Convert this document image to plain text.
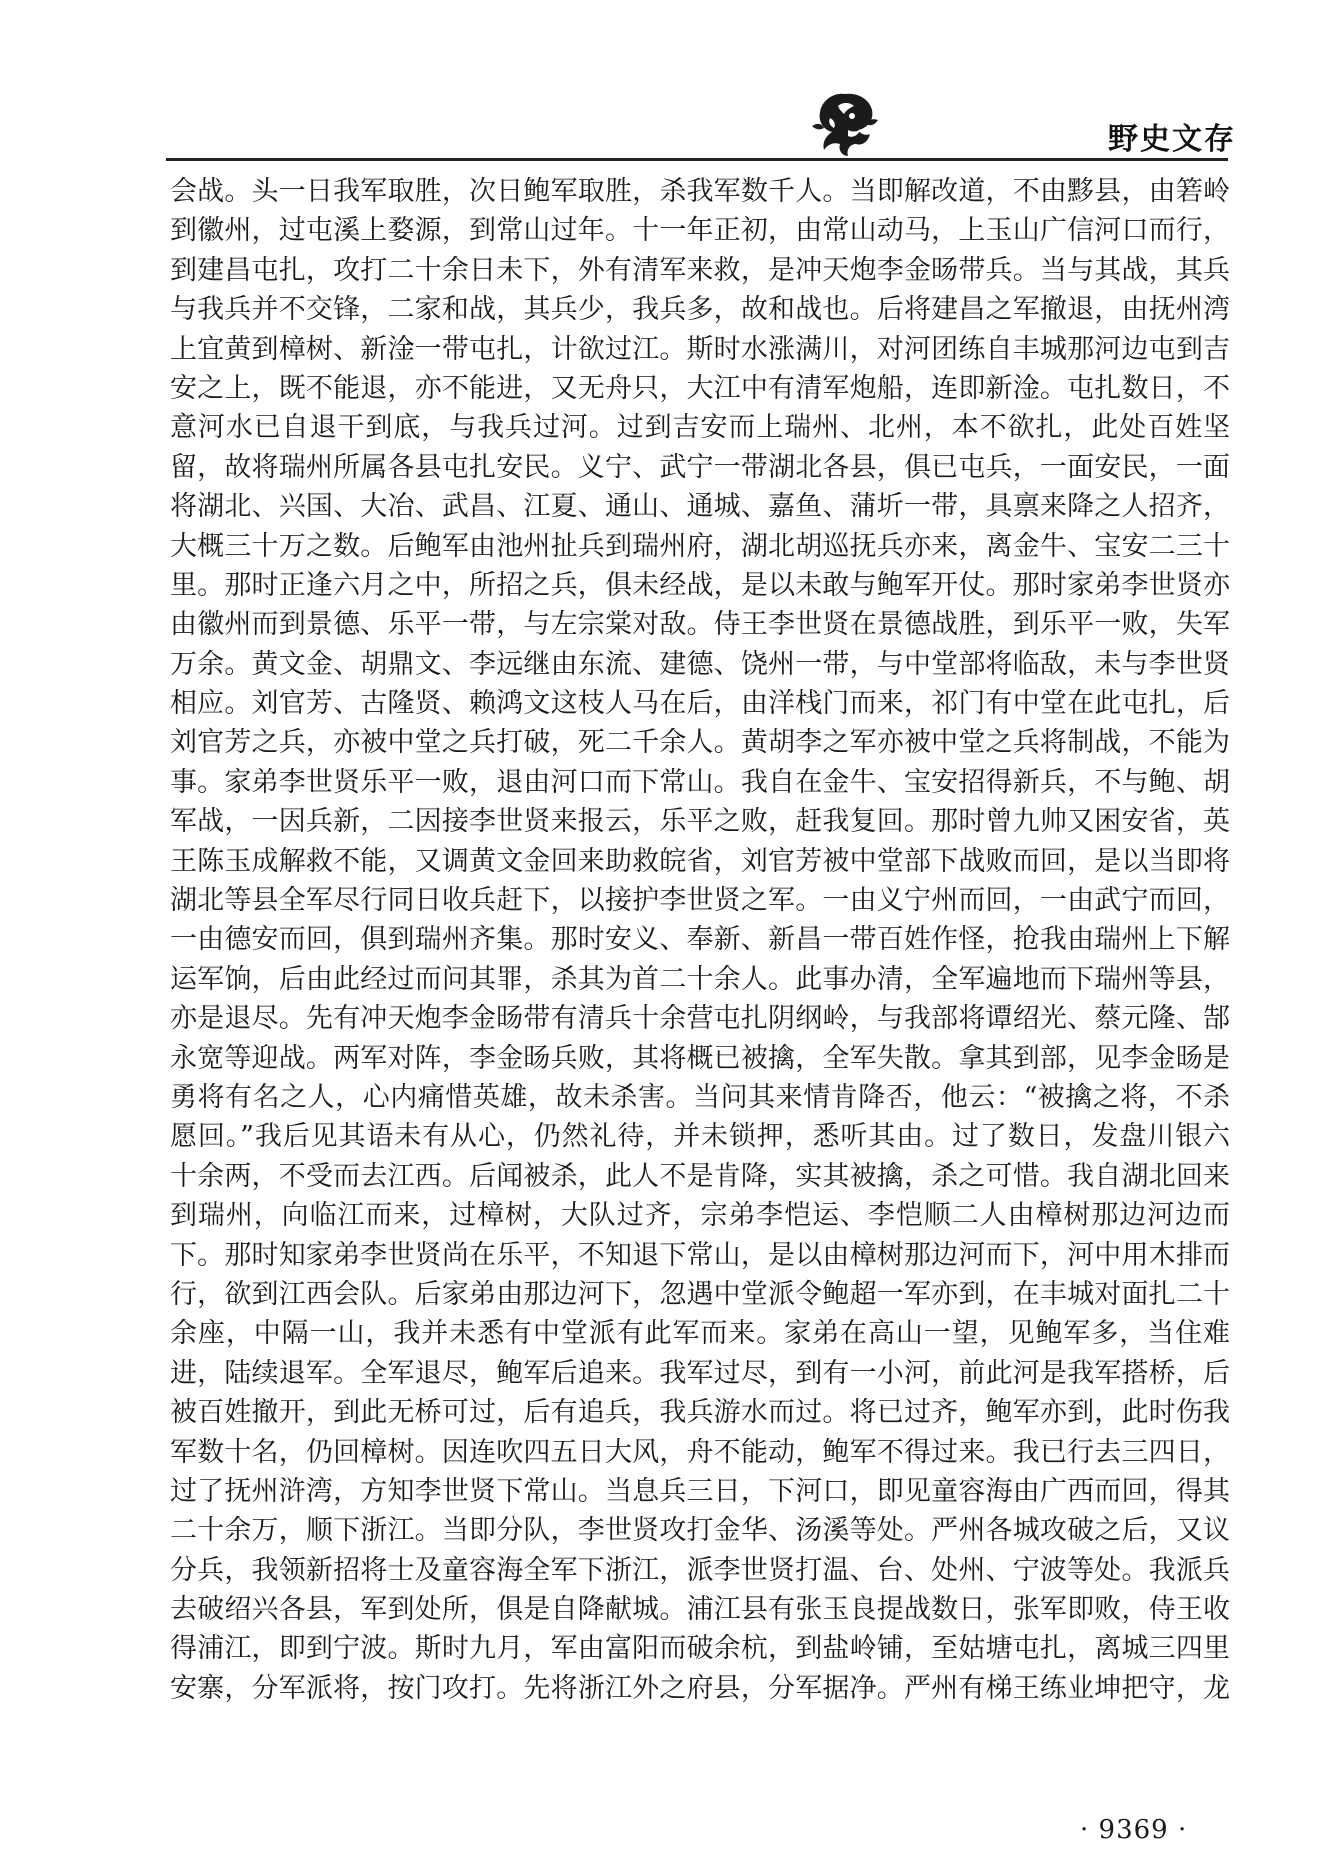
野史文存
会战。头一日我军取胜，次日鲍军取胜，杀我军数千人。当即解改道，不由黟县，由箬岭
到徽州，过屯溪上婺源，到常山过年。十一年正初，由常山动马，上玉山广信河口而行，
到建昌屯扎，攻打二十余日未下，外有清军来救，是冲天炮李金旸带兵。当与其战，其兵
与我兵并不交锋，二家和战，其兵少，我兵多，故和战也。后将建昌之军撤退，由抚州湾
上宜黄到樟树、新淦一带屯扎，计欲过江。斯时水涨满川，对河团练自丰城那河边屯到吉
安之上，既不能退，亦不能进，又无舟只，大江中有清军炮船，连即新淦。屯扎数日，不
意河水已自退干到底，与我兵过河。过到吉安而上瑞州、北州，本不欲扎，此处百姓坚
留，故将瑞州所属各县屯扎安民。义宁、武宁一带湖北各县，俱已屯兵，一面安民，一面
将湖北、兴国、大冶、武昌、江夏、通山、通城、嘉鱼、蒲圻一带，具禀来降之人招齐，
大概三十万之数。后鲍军由池州扯兵到瑞州府，湖北胡巡抚兵亦来，离金牛、宝安二三十
里。那时正逢六月之中，所招之兵，俱未经战，是以未敢与鲍军开仗。那时家弟李世贤亦
由徽州而到景德、乐平一带，与左宗棠对敌。侍王李世贤在景德战胜，到乐平一败，失军
万余。黄文金、胡鼎文、李远继由东流、建德、饶州一带，与中堂部将临敌，未与李世贤
相应。刘官芳、古隆贤、赖鸿文这枝人马在后，由洋栈门而来，祁门有中堂在此屯扎，后
刘官芳之兵，亦被中堂之兵打破，死二千余人。黄胡李之军亦被中堂之兵将制战，不能为
事。家弟李世贤乐平一败，退由河口而下常山。我自在金牛、宝安招得新兵，不与鲍、胡
军战，一因兵新，二因接李世贤来报云，乐平之败，赶我复回。那时曾九帅又困安省，英
王陈玉成解救不能，又调黄文金回来助救皖省，刘官芳被中堂部下战败而回，是以当即将
湖北等县全军尽行同日收兵赶下，以接护李世贤之军。一由义宁州而回，一由武宁而回，
一由德安而回，俱到瑞州齐集。那时安义、奉新、新昌一带百姓作怪，抢我由瑞州上下解
运军饷，后由此经过而问其罪，杀其为首二十余人。此事办清，全军遍地而下瑞州等县，
亦是退尽。先有冲天炮李金旸带有清兵十余营屯扎阴纲岭，与我部将谭绍光、蔡元隆、郜
永宽等迎战。两军对阵，李金旸兵败，其将概已被擒，全军失散。拿其到部，见李金旸是
勇将有名之人，心内痛惜英雄，故未杀害。当问其来情肯降否，他云：“被擒之将，不杀
愿回。”我后见其语未有从心，仍然礼待，并未锁押，悉听其由。过了数日，发盘川银六
十余两，不受而去江西。后闻被杀，此人不是肯降，实其被擒，杀之可惜。我自湖北回来
到瑞州，向临江而来，过樟树，大队过齐，宗弟李恺运、李恺顺二人由樟树那边河边而
下。那时知家弟李世贤尚在乐平，不知退下常山，是以由樟树那边河而下，河中用木排而
行，欲到江西会队。后家弟由那边河下，忽遇中堂派令鲍超一军亦到，在丰城对面扎二十
余座，中隔一山，我并未悉有中堂派有此军而来。家弟在高山一望，见鲍军多，当住难
进，陆续退军。全军退尽，鲍军后追来。我军过尽，到有一小河，前此河是我军搭桥，后
被百姓撤开，到此无桥可过，后有追兵，我兵游水而过。将已过齐，鲍军亦到，此时伤我
军数十名，仍回樟树。因连吹四五日大风，舟不能动，鲍军不得过来。我已行去三四日，
过了抚州浒湾，方知李世贤下常山。当息兵三日，下河口，即见童容海由广西而回，得其
二十余万，顺下浙江。当即分队，李世贤攻打金华、汤溪等处。严州各城攻破之后，又议
分兵，我领新招将士及童容海全军下浙江，派李世贤打温、台、处州、宁波等处。我派兵
去破绍兴各县，军到处所，俱是自降献城。浦江县有张玉良提战数日，张军即败，侍王收
得浦江，即到宁波。斯时九月，军由富阳而破余杭，到盐岭铺，至姑塘屯扎，离城三四里
安寨，分军派将，按门攻打。先将浙江外之府县，分军据净。严州有梯王练业坤把守，龙
· 9369 ·
